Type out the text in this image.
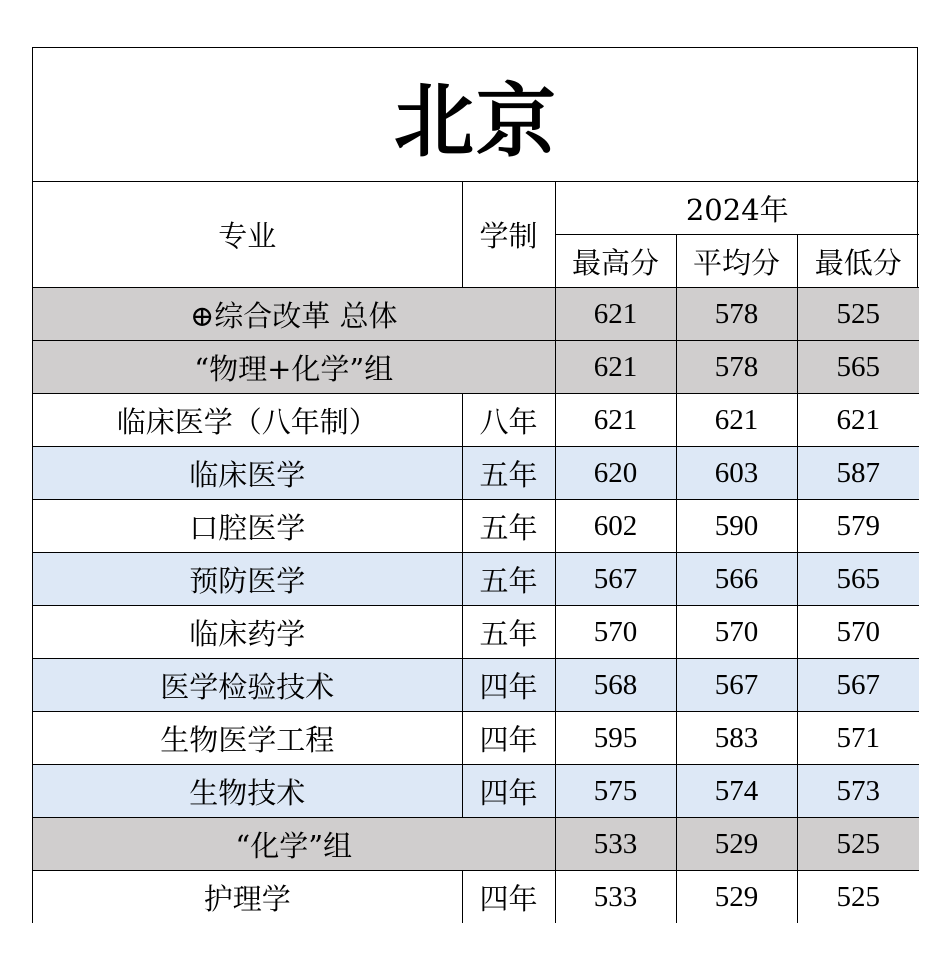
北京				
专业	学制	2024年		
		最高分	平均分	最低分
⊕综合改革 总体		621	578	525
“物理+化学”组		621	578	565
临床医学（八年制）	八年	621	621	621
临床医学	五年	620	603	587
口腔医学	五年	602	590	579
预防医学	五年	567	566	565
临床药学	五年	570	570	570
医学检验技术	四年	568	567	567
生物医学工程	四年	595	583	571
生物技术	四年	575	574	573
“化学”组		533	529	525
护理学	四年	533	529	525
